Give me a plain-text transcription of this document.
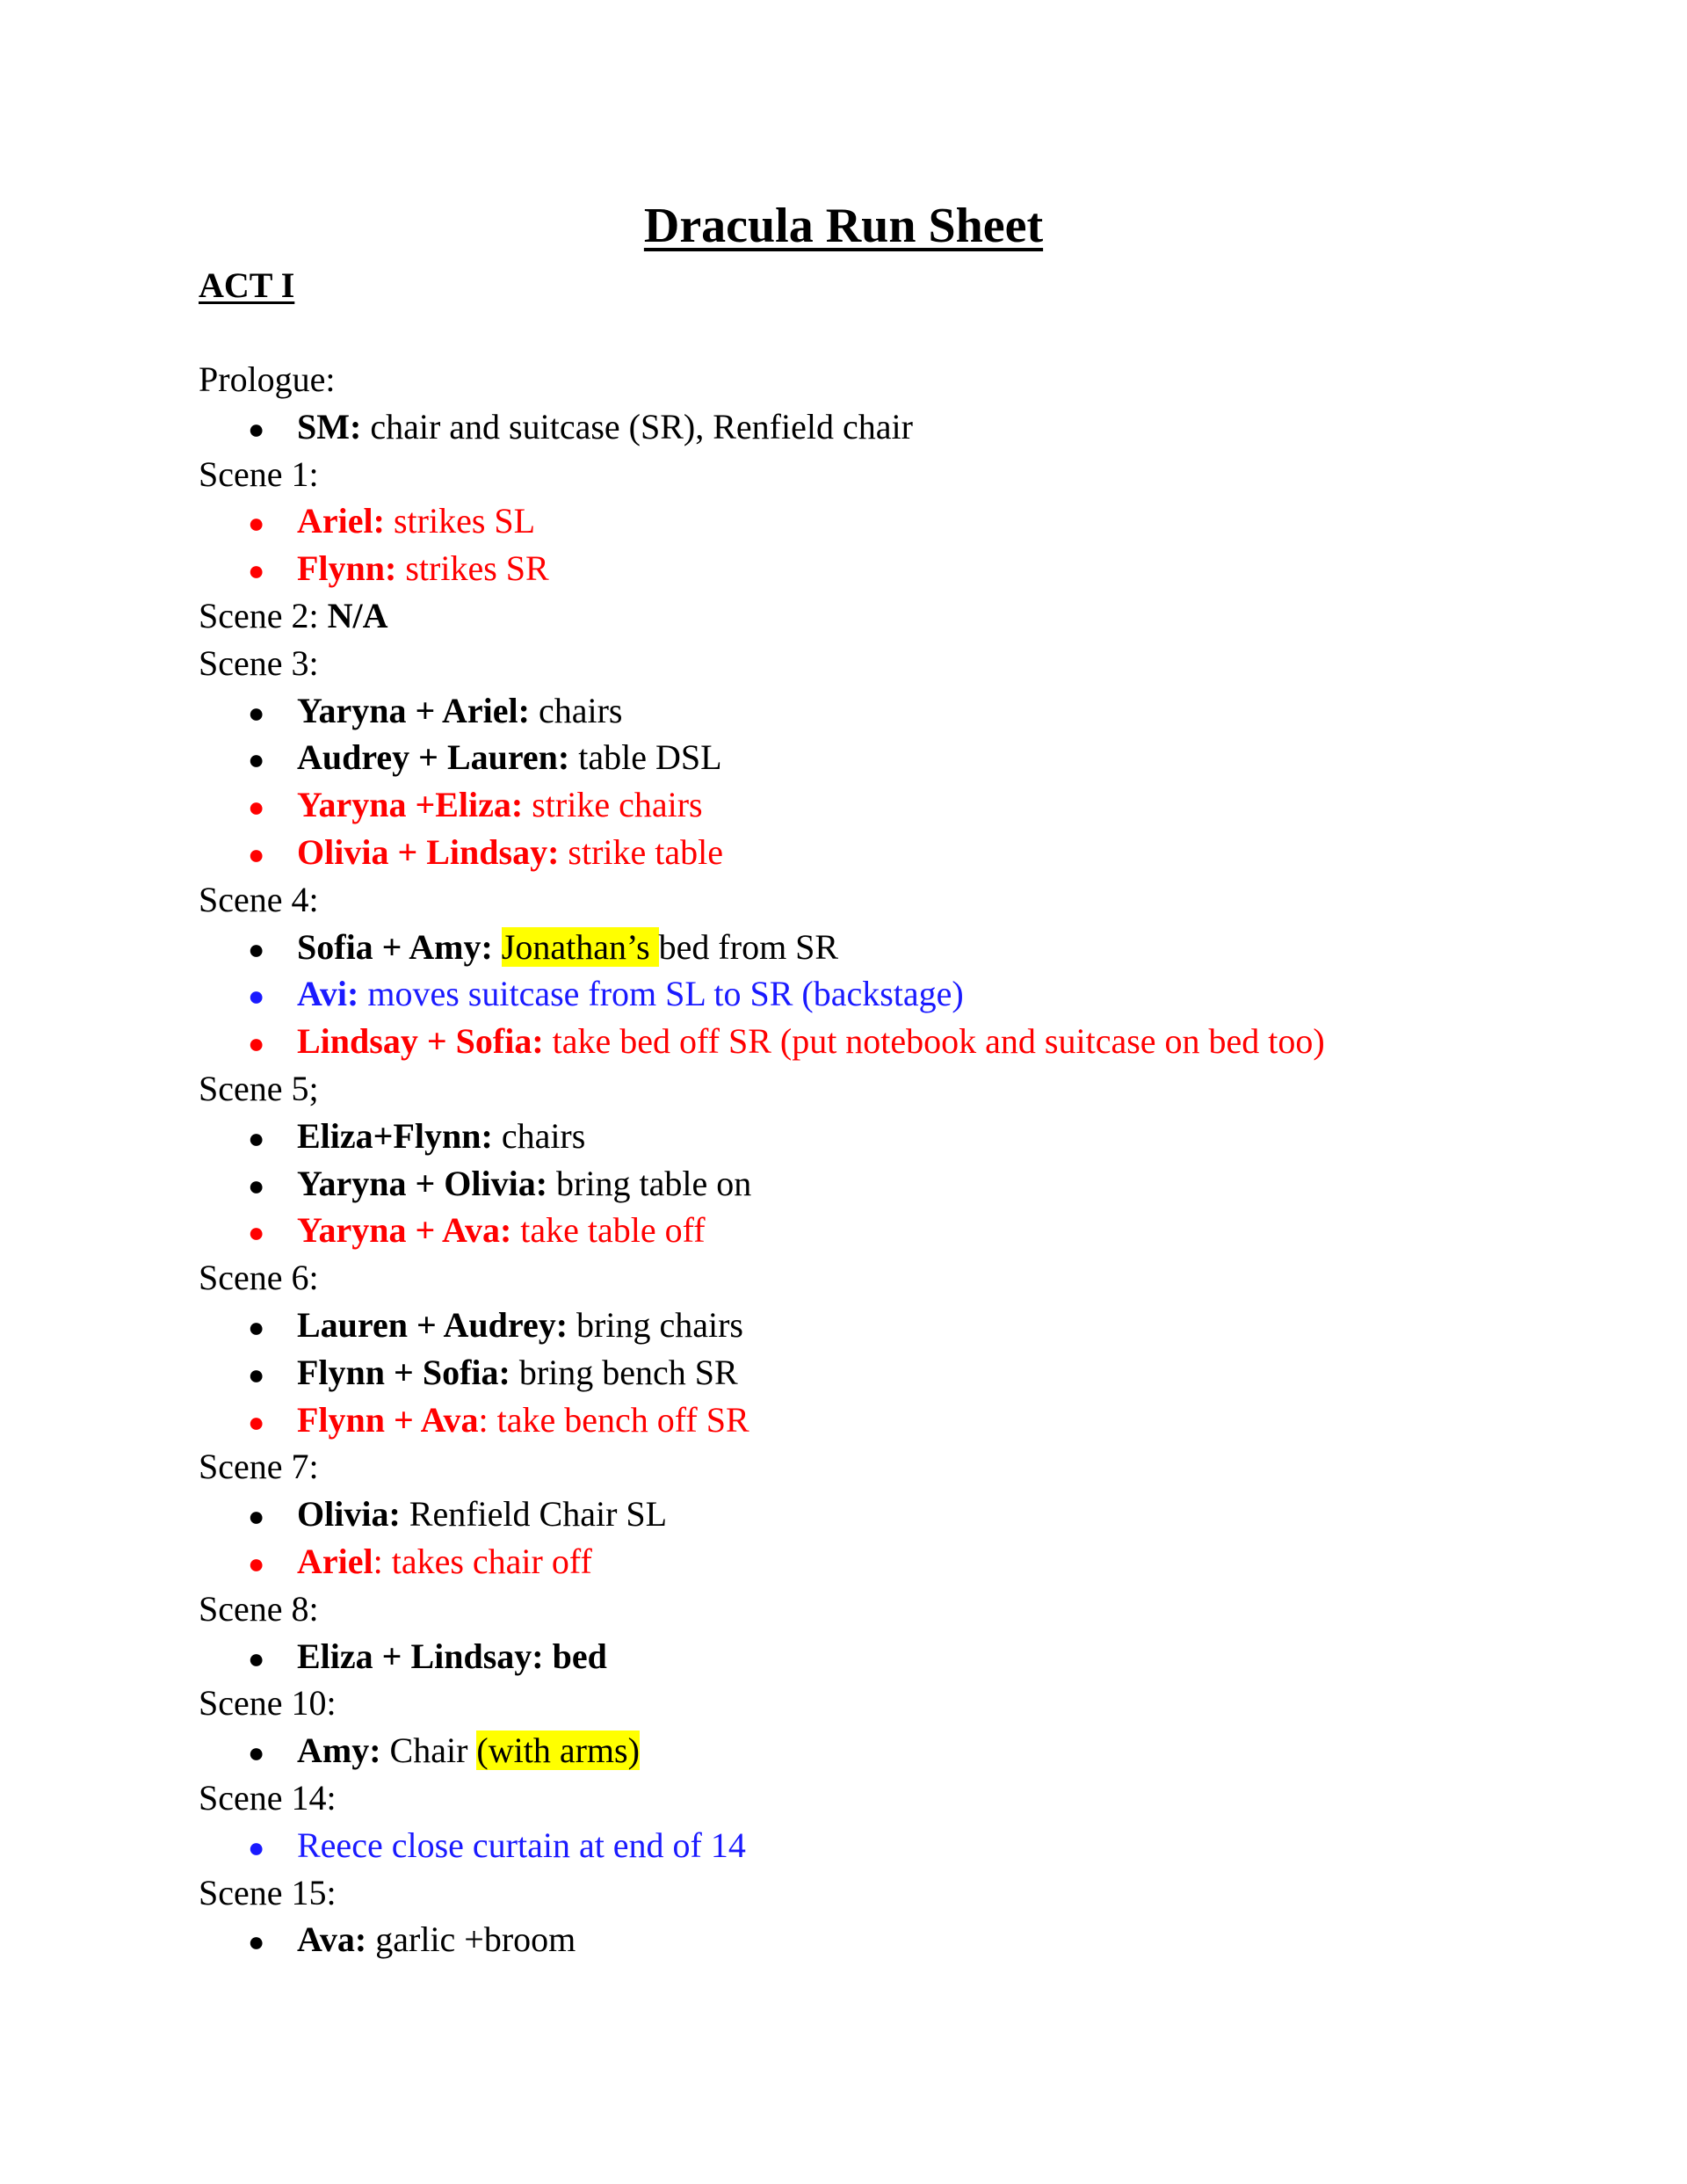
Dracula Run Sheet
ACT I
Prologue:
● SM: chair and suitcase (SR), Renfield chair
Scene 1:
● Ariel: strikes SL
● Flynn: strikes SR
Scene 2: N/A
Scene 3:
● Yaryna + Ariel: chairs
● Audrey + Lauren: table DSL
● Yaryna +Eliza: strike chairs
● Olivia + Lindsay: strike table
Scene 4:
● Sofia + Amy: Jonathan’s bed from SR
● Avi: moves suitcase from SL to SR (backstage)
● Lindsay + Sofia: take bed off SR (put notebook and suitcase on bed too)
Scene 5;
● Eliza+Flynn: chairs
● Yaryna + Olivia: bring table on
● Yaryna + Ava: take table off
Scene 6:
● Lauren + Audrey: bring chairs
● Flynn + Sofia: bring bench SR
● Flynn + Ava: take bench off SR
Scene 7:
● Olivia: Renfield Chair SL
● Ariel: takes chair off
Scene 8:
● Eliza + Lindsay: bed
Scene 10:
● Amy: Chair (with arms)
Scene 14:
● Reece close curtain at end of 14
Scene 15:
● Ava: garlic +broom
